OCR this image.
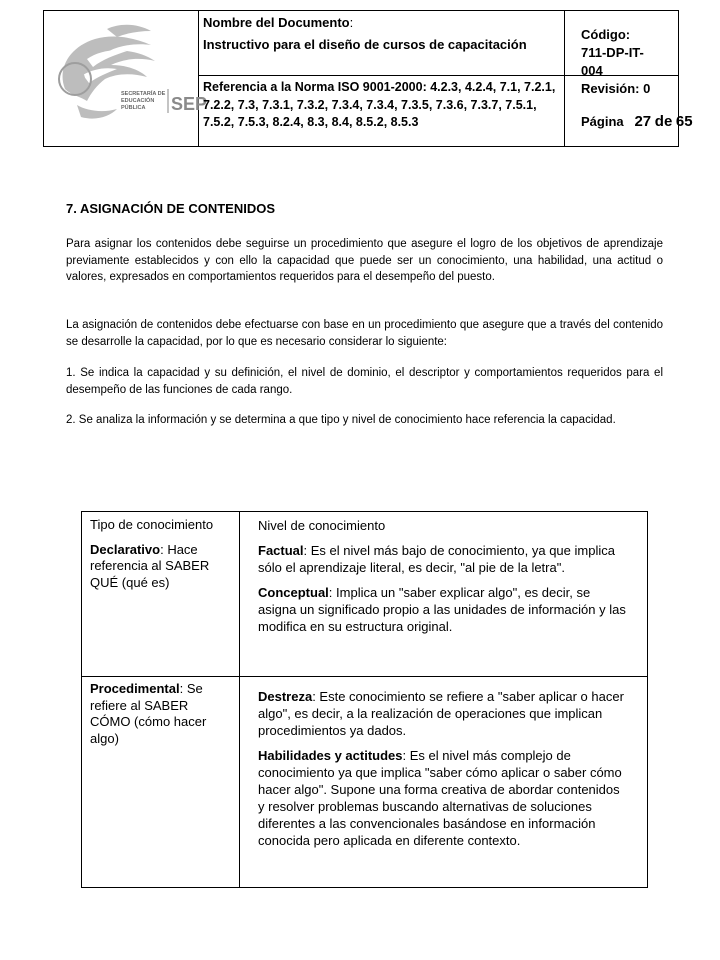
SECRETARÍA DE
EDUCACIÓN
PÚBLICA SEP
Nombre del Documento:
Instructivo para el diseño de cursos de capacitación
Referencia a la Norma ISO 9001-2000: 4.2.3, 4.2.4, 7.1, 7.2.1, 7.2.2, 7.3, 7.3.1, 7.3.2, 7.3.4, 7.3.4, 7.3.5, 7.3.6, 7.3.7, 7.5.1, 7.5.2, 7.5.3, 8.2.4, 8.3, 8.4, 8.5.2, 8.5.3
Código:
711-DP-IT-004
Revisión: 0
Página 27 de 65
7. ASIGNACIÓN DE CONTENIDOS

Para asignar los contenidos debe seguirse un procedimiento que asegure el logro de los objetivos de aprendizaje previamente establecidos y con ello la capacidad que puede ser un conocimiento, una habilidad, una actitud o valores, expresados en comportamientos requeridos para el desempeño del puesto.

La asignación de contenidos debe efectuarse con base en un procedimiento que asegure que a través del contenido se desarrolle la capacidad, por lo que es necesario considerar lo siguiente:

1. Se indica la capacidad y su definición, el nivel de dominio, el descriptor y comportamientos requeridos para el desempeño de las funciones de cada rango.

2. Se analiza la información y se determina a que tipo y nivel de conocimiento hace referencia la capacidad.

Tipo de conocimiento

Declarativo: Hace referencia al SABER QUÉ (qué es)

Nivel de conocimiento

Factual: Es el nivel más bajo de conocimiento, ya que implica sólo el aprendizaje literal, es decir, "al pie de la letra".

Conceptual: Implica un "saber explicar algo", es decir, se asigna un significado propio a las unidades de información y las modifica en su estructura original.

Procedimental: Se refiere al SABER CÓMO (cómo hacer algo)

Destreza: Este conocimiento se refiere a "saber aplicar o hacer algo", es decir, a la realización de operaciones que implican procedimientos ya dados.

Habilidades y actitudes: Es el nivel más complejo de conocimiento ya que implica "saber cómo aplicar o saber cómo hacer algo". Supone una forma creativa de abordar contenidos y resolver problemas buscando alternativas de soluciones diferentes a las convencionales basándose en información conocida pero aplicada en diferente contexto.
